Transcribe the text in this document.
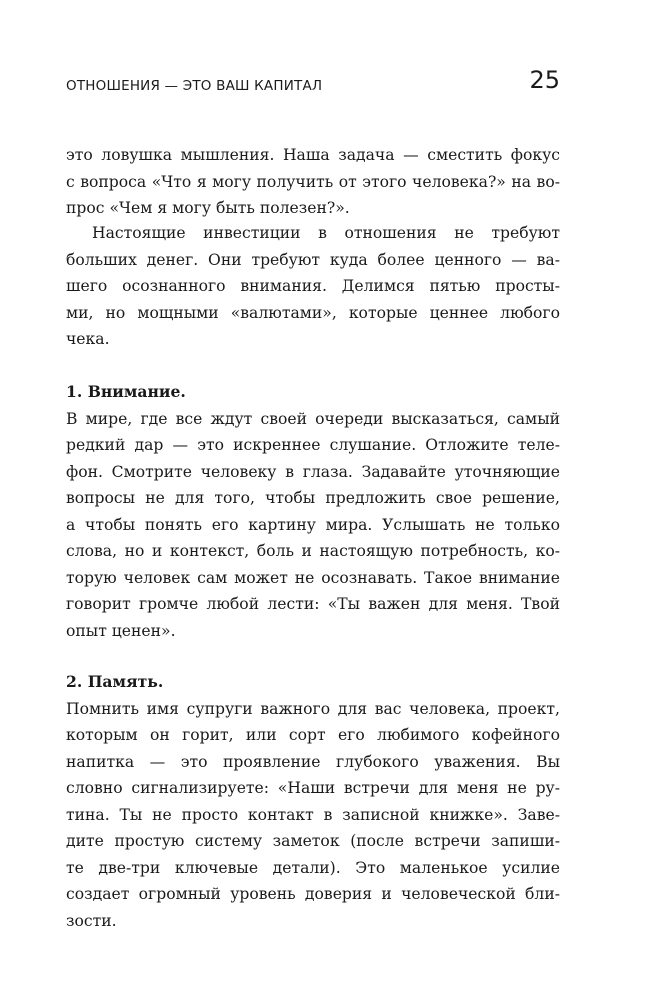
ОТНОШЕНИЯ — ЭТО ВАШ КАПИТАЛ	25
это ловушка мышления. Наша задача — сместить фокус
с вопроса «Что я могу получить от этого человека?» на во-
прос «Чем я могу быть полезен?».
Настоящие инвестиции в отношения не требуют
больших денег. Они требуют куда более ценного — ва-
шего осознанного внимания. Делимся пятью просты-
ми, но мощными «валютами», которые ценнее любого
чека.
1. Внимание.
В мире, где все ждут своей очереди высказаться, самый
редкий дар — это искреннее слушание. Отложите теле-
фон. Смотрите человеку в глаза. Задавайте уточняющие
вопросы не для того, чтобы предложить свое решение,
а чтобы понять его картину мира. Услышать не только
слова, но и контекст, боль и настоящую потребность, ко-
торую человек сам может не осознавать. Такое внимание
говорит громче любой лести: «Ты важен для меня. Твой
опыт ценен».
2. Память.
Помнить имя супруги важного для вас человека, проект,
которым он горит, или сорт его любимого кофейного
напитка — это проявление глубокого уважения. Вы
словно сигнализируете: «Наши встречи для меня не ру-
тина. Ты не просто контакт в записной книжке». Заве-
дите простую систему заметок (после встречи запиши-
те две-три ключевые детали). Это маленькое усилие
создает огромный уровень доверия и человеческой бли-
зости.
